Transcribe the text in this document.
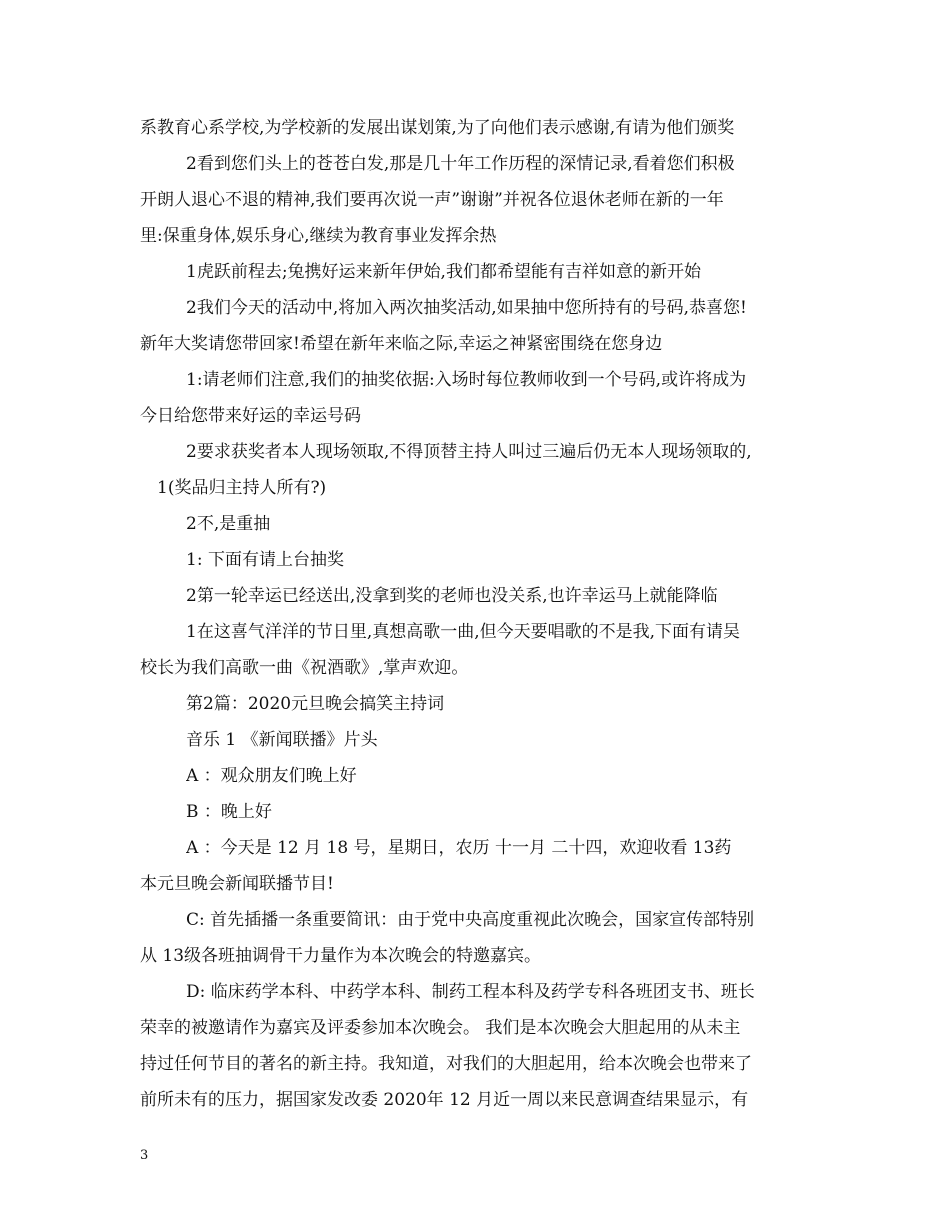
系教育心系学校,为学校新的发展出谋划策,为了向他们表示感谢,有请为他们颁奖
2看到您们头上的苍苍白发,那是几十年工作历程的深情记录,看着您们积极
开朗人退心不退的精神,我们要再次说一声”谢谢”并祝各位退休老师在新的一年
里:保重身体,娱乐身心,继续为教育事业发挥余热
1虎跃前程去;兔携好运来新年伊始,我们都希望能有吉祥如意的新开始
2我们今天的活动中,将加入两次抽奖活动,如果抽中您所持有的号码,恭喜您!
新年大奖请您带回家!希望在新年来临之际,幸运之神紧密围绕在您身边
1:请老师们注意,我们的抽奖依据:入场时每位教师收到一个号码,或许将成为
今日给您带来好运的幸运号码
2要求获奖者本人现场领取,不得顶替主持人叫过三遍后仍无本人现场领取的,
1(奖品归主持人所有?)
2不,是重抽
1: 下面有请上台抽奖
2第一轮幸运已经送出,没拿到奖的老师也没关系,也许幸运马上就能降临
1在这喜气洋洋的节日里,真想高歌一曲,但今天要唱歌的不是我,下面有请吴
校长为我们高歌一曲《祝酒歌》,掌声欢迎。
第2篇：2020元旦晚会搞笑主持词
音乐 1 《新闻联播》片头
A ：观众朋友们晚上好
B ：晚上好
A ：今天是 12 月 18 号，星期日，农历 十一月 二十四，欢迎收看 13药
本元旦晚会新闻联播节目!
C: 首先插播一条重要简讯：由于党中央高度重视此次晚会，国家宣传部特别
从 13级各班抽调骨干力量作为本次晚会的特邀嘉宾。
D: 临床药学本科、中药学本科、制药工程本科及药学专科各班团支书、班长
荣幸的被邀请作为嘉宾及评委参加本次晚会。 我们是本次晚会大胆起用的从未主
持过任何节目的著名的新主持。我知道，对我们的大胆起用，给本次晚会也带来了
前所未有的压力，据国家发改委 2020年 12 月近一周以来民意调查结果显示，有
3
